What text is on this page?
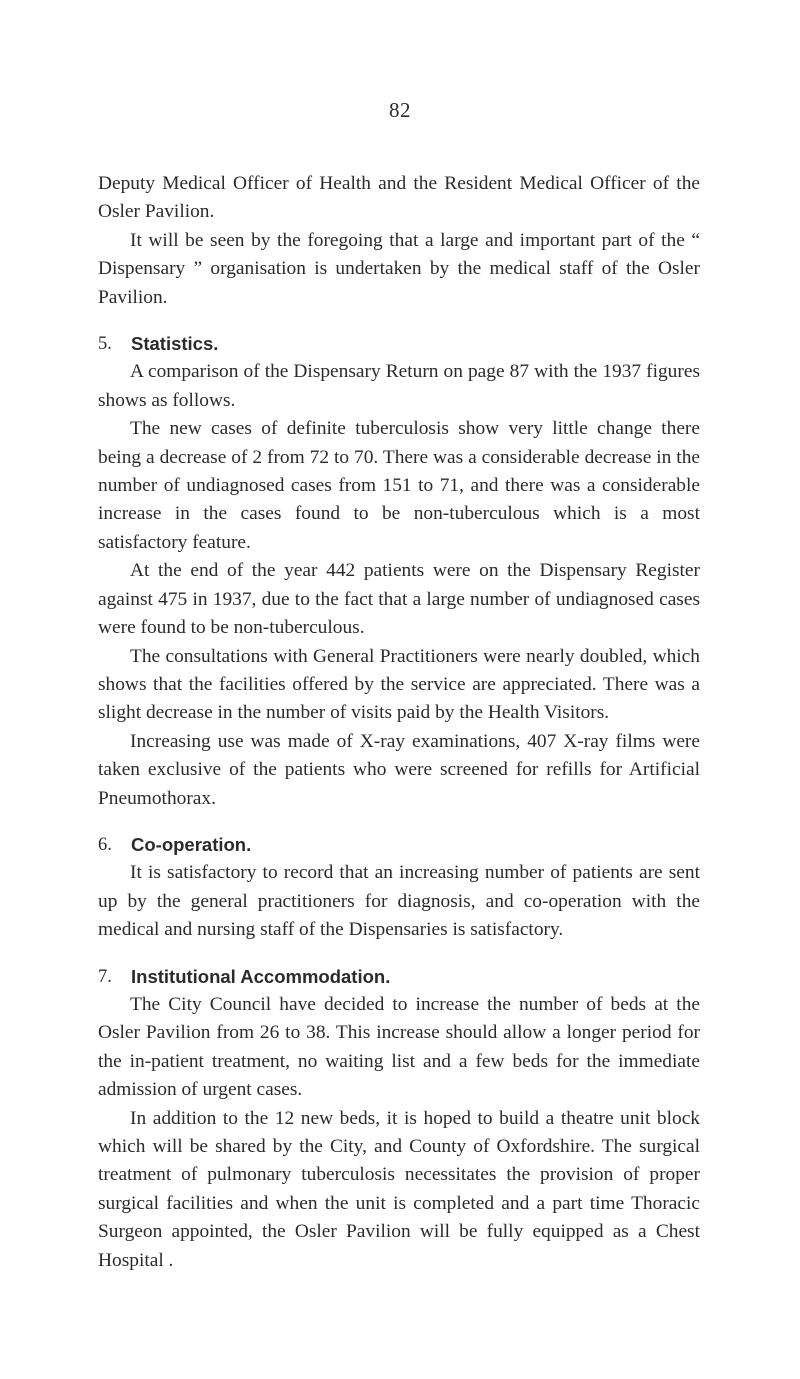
82

Deputy Medical Officer of Health and the Resident Medical Officer of the Osler Pavilion.

It will be seen by the foregoing that a large and important part of the “ Dispensary ” organisation is undertaken by the medical staff of the Osler Pavilion.

5.	Statistics.

A comparison of the Dispensary Return on page 87 with the 1937 figures shows as follows.

The new cases of definite tuberculosis show very little change there being a decrease of 2 from 72 to 70. There was a considerable decrease in the number of undiagnosed cases from 151 to 71, and there was a considerable increase in the cases found to be non-tuberculous which is a most satisfactory feature.

At the end of the year 442 patients were on the Dispensary Register against 475 in 1937, due to the fact that a large number of undiagnosed cases were found to be non-tuberculous.

The consultations with General Practitioners were nearly doubled, which shows that the facilities offered by the service are appreciated. There was a slight decrease in the number of visits paid by the Health Visitors.

Increasing use was made of X-ray examinations, 407 X-ray films were taken exclusive of the patients who were screened for refills for Artificial Pneumothorax.

6.	Co-operation.

It is satisfactory to record that an increasing number of patients are sent up by the general practitioners for diagnosis, and co-operation with the medical and nursing staff of the Dispensaries is satisfactory.

7.	Institutional Accommodation.

The City Council have decided to increase the number of beds at the Osler Pavilion from 26 to 38. This increase should allow a longer period for the in-patient treatment, no waiting list and a few beds for the immediate admission of urgent cases.

In addition to the 12 new beds, it is hoped to build a theatre unit block which will be shared by the City, and County of Oxfordshire. The surgical treatment of pulmonary tuberculosis necessitates the provision of proper surgical facilities and when the unit is completed and a part time Thoracic Surgeon appointed, the Osler Pavilion will be fully equipped as a Chest Hospital .
